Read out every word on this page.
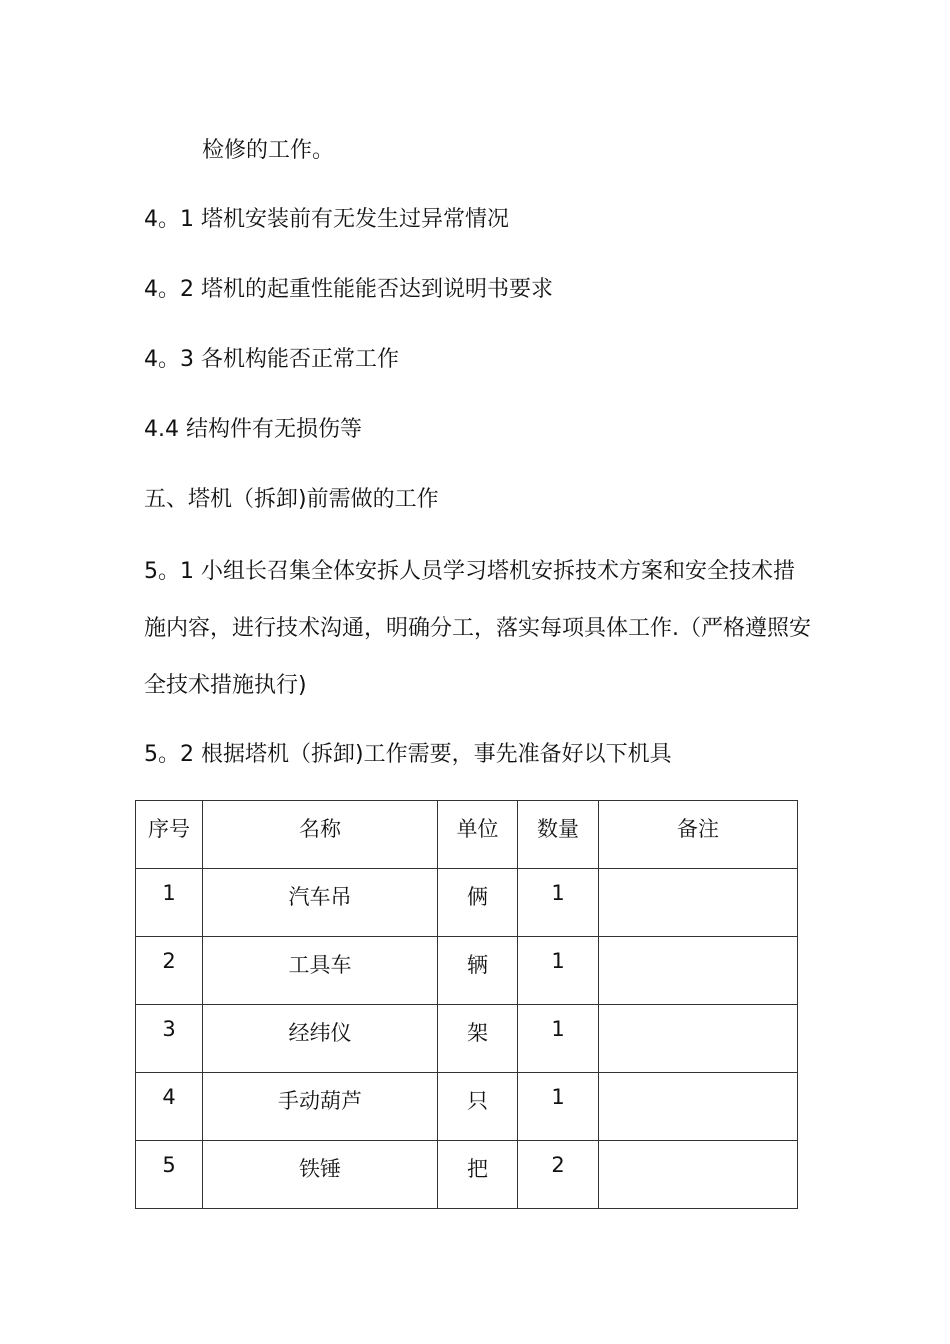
检修的工作。
4。1 塔机安装前有无发生过异常情况
4。2 塔机的起重性能能否达到说明书要求
4。3 各机构能否正常工作
4.4 结构件有无损伤等
五、塔机（拆卸)前需做的工作
5。1 小组长召集全体安拆人员学习塔机安拆技术方案和安全技术措施内容，进行技术沟通，明确分工，落实每项具体工作.（严格遵照安全技术措施执行)
5。2 根据塔机（拆卸)工作需要，事先准备好以下机具
序号	名称	单位	数量	备注
1	汽车吊	俩	1	
2	工具车	辆	1	
3	经纬仪	架	1	
4	手动葫芦	只	1	
5	铁锤	把	2	
